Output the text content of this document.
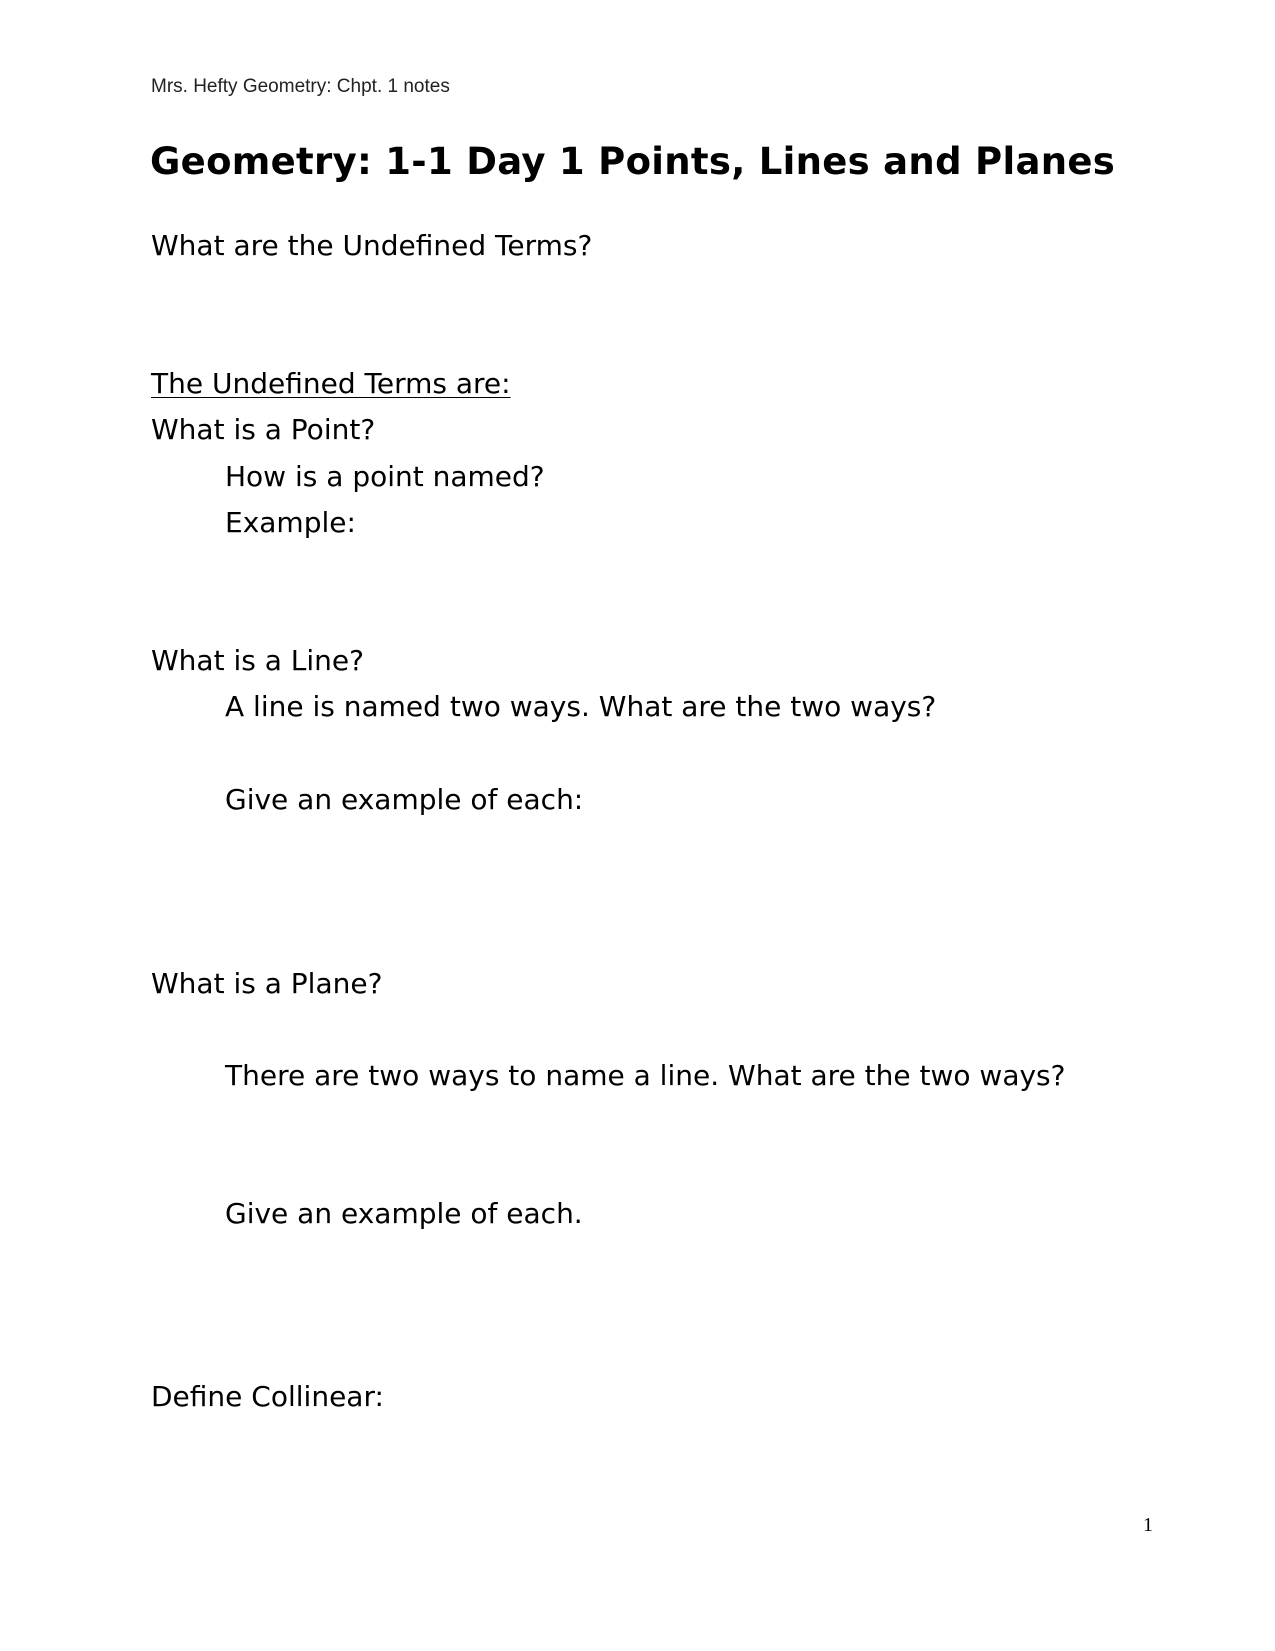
Mrs. Hefty Geometry: Chpt. 1 notes
Geometry: 1-1 Day 1 Points, Lines and Planes
What are the Undefined Terms?
The Undefined Terms are:
What is a Point?
How is a point named?
Example:
What is a Line?
A line is named two ways. What are the two ways?
Give an example of each:
What is a Plane?
There are two ways to name a line. What are the two ways?
Give an example of each.
Define Collinear:
1
